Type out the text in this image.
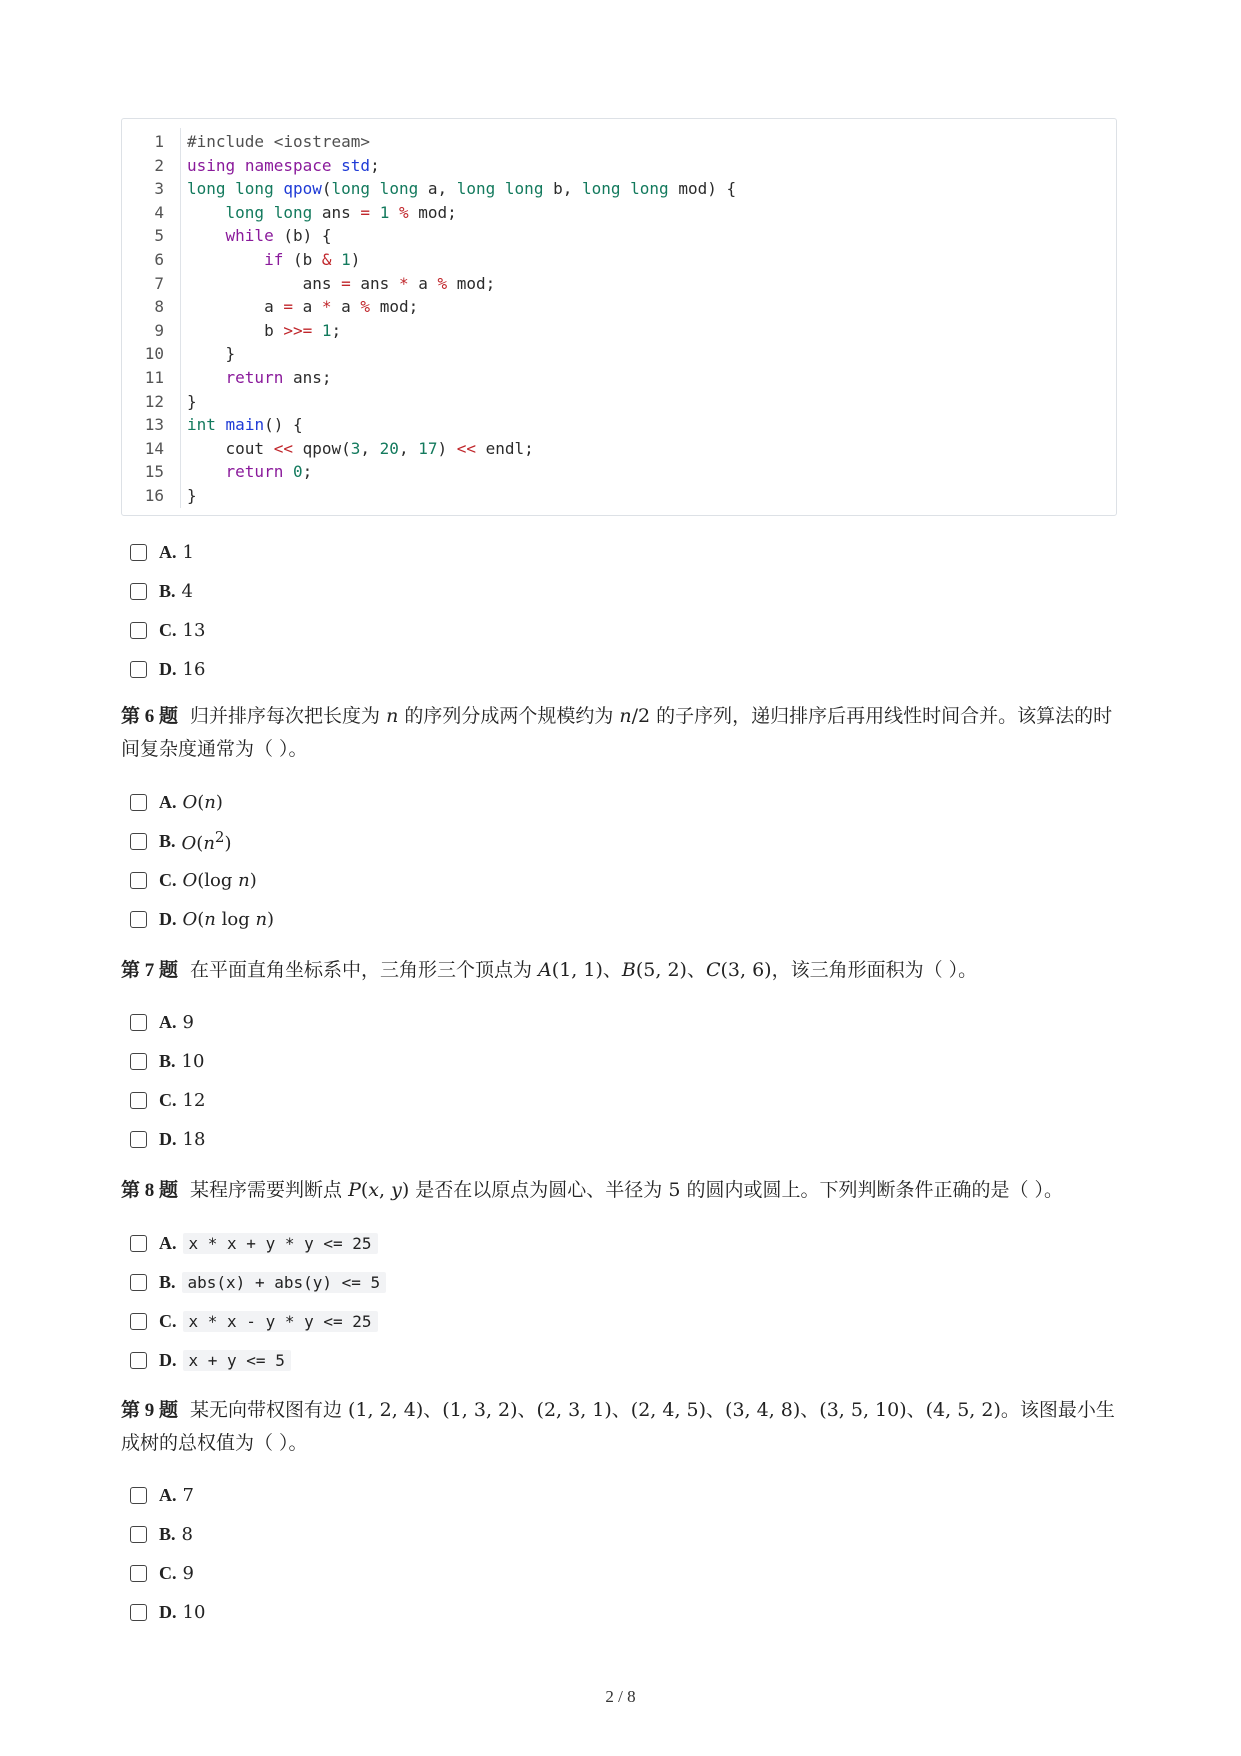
1 #include <iostream>
2 using namespace std;
3 long long qpow(long long a, long long b, long long mod) {
4	long long ans = 1 % mod;
5	while (b) {
6	if (b & 1)
7 ans = ans * a % mod;
8 a = a * a % mod;
9 b >>= 1;
10 }
11	return ans;
12 }
13 int main() {
14 cout << qpow(3, 20, 17) << endl;
15	return 0;
16 }
A. 1
B. 4
C. 13
D. 16
第 6 题 归并排序每次把长度为 n 的序列分成两个规模约为 n/2 的子序列，递归排序后再用线性时间合并。该算法的时间复杂度通常为（ ）。
A. O(n)
B. $O(n^2)$
C. O(log n)
D. O(n log n)
第 7 题 在平面直角坐标系中，三角形三个顶点为 A(1, 1)、B(5, 2)、C(3, 6)，该三角形面积为（ ）。
A. 9
B. 10
C. 12
D. 18
第 8 题 某程序需要判断点 P(x, y) 是否在以原点为圆心、半径为 5 的圆内或圆上。下列判断条件正确的是（ ）。
A. x * x + y * y <= 25
B. abs(x) + abs(y) <= 5
C. x * x - y * y <= 25
D. x + y <= 5
第 9 题 某无向带权图有边 (1, 2, 4)、(1, 3, 2)、(2, 3, 1)、(2, 4, 5)、(3, 4, 8)、(3, 5, 10)、(4, 5, 2)。该图最小生成树的总权值为（ ）。
A. 7
B. 8
C. 9
D. 10
2 / 8
